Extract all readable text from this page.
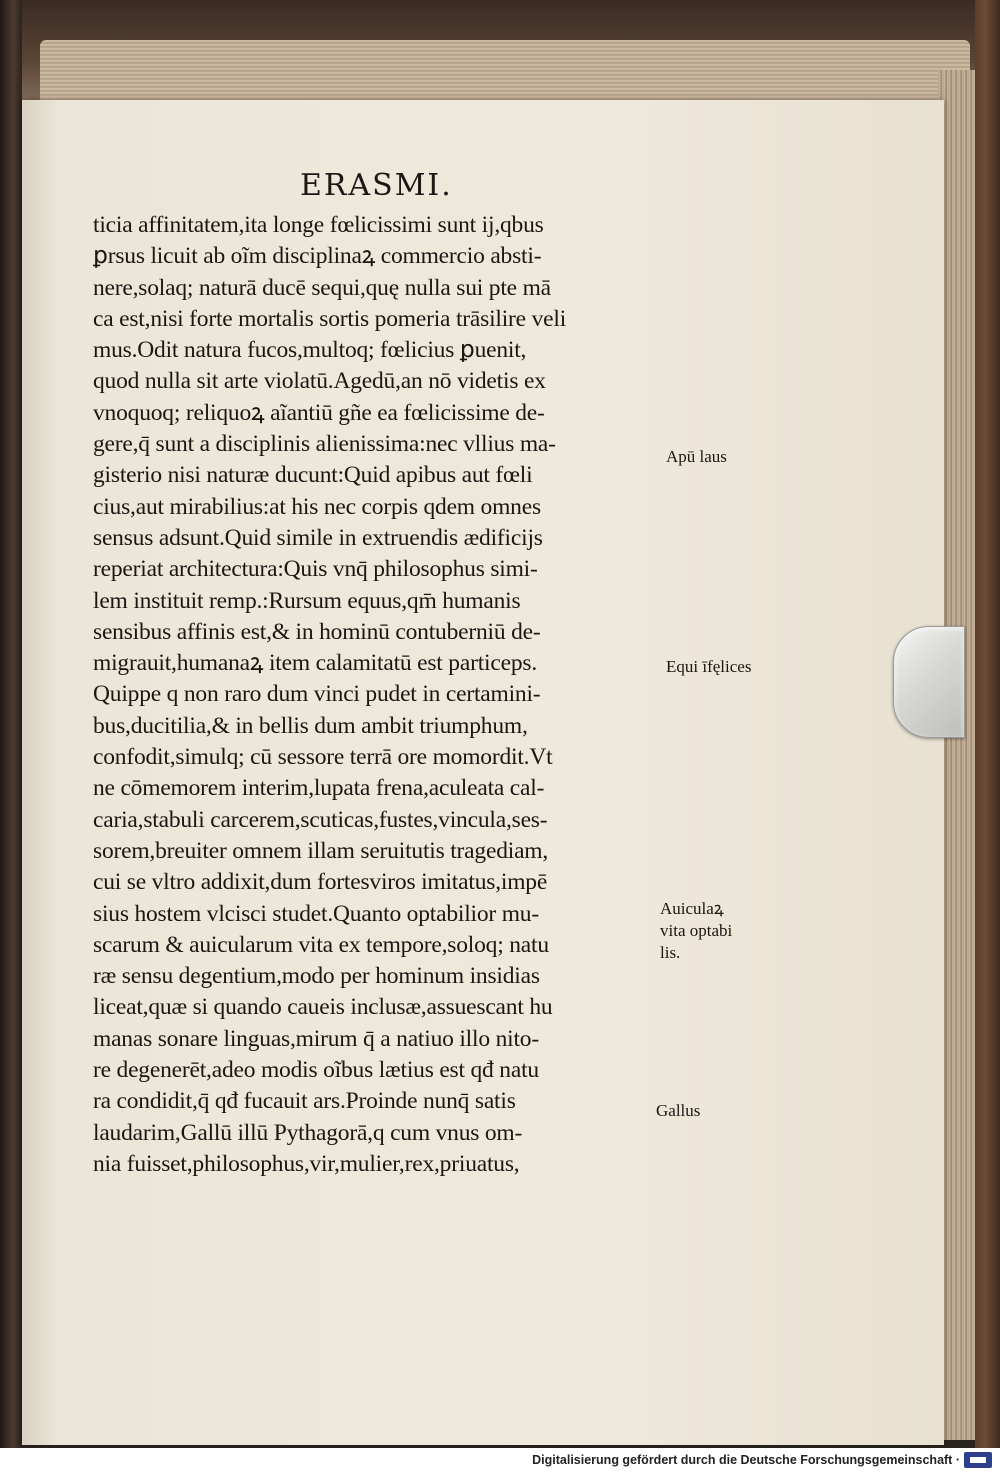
ERASMI.
ticia affinitatem,ita longe fœlicissimi sunt ij,qbus
ꝑrsus licuit ab oĩm disciplinaꝝ commercio absti-
nere,solaq; naturā ducē sequi,quę nulla sui pte mā
ca est,nisi forte mortalis sortis pomeria trāsilire veli
mus.Odit natura fucos,multoq; fœlicius ꝑuenit,
quod nulla sit arte violatū.Agedū,an nō videtis ex
vnoquoq; reliquoꝝ aĩantiū gñe ea fœlicissime de-
gere,q̄ sunt a disciplinis alienissima:nec vllius ma-
gisterio nisi naturæ ducunt:Quid apibus aut fœli
cius,aut mirabilius:at his nec corpis qdem omnes
sensus adsunt.Quid simile in extruendis ædificijs
reperiat architectura:Quis vnq̄ philosophus simi-
lem instituit remp.:Rursum equus,qm̄ humanis
sensibus affinis est,& in hominū contuberniū de-
migrauit,humanaꝝ item calamitatū est particeps.
Quippe q non raro dum vinci pudet in certamini-
bus,ducitilia,& in bellis dum ambit triumphum,
confodit,simulq; cū sessore terrā ore momordit.Vt
ne cōmemorem interim,lupata frena,aculeata cal-
caria,stabuli carcerem,scuticas,fustes,vincula,ses-
sorem,breuiter omnem illam seruitutis tragediam,
cui se vltro addixit,dum fortesviros imitatus,impē
sius hostem vlcisci studet.Quanto optabilior mu-
scarum & auicularum vita ex tempore,soloq; natu
ræ sensu degentium,modo per hominum insidias
liceat,quæ si quando caueis inclusæ,assuescant hu
manas sonare linguas,mirum q̄ a natiuo illo nito-
re degenerēt,adeo modis oĩbus lætius est qđ natu
ra condidit,q̄ qđ fucauit ars.Proinde nunq̄ satis
laudarim,Gallū illū Pythagorā,q cum vnus om-
nia fuisset,philosophus,vir,mulier,rex,priuatus,
Apū laus
Equi īfęlices
Auiculaꝝ
vita optabi
lis.
Gallus
Digitalisierung gefördert durch die Deutsche Forschungsgemeinschaft ·
